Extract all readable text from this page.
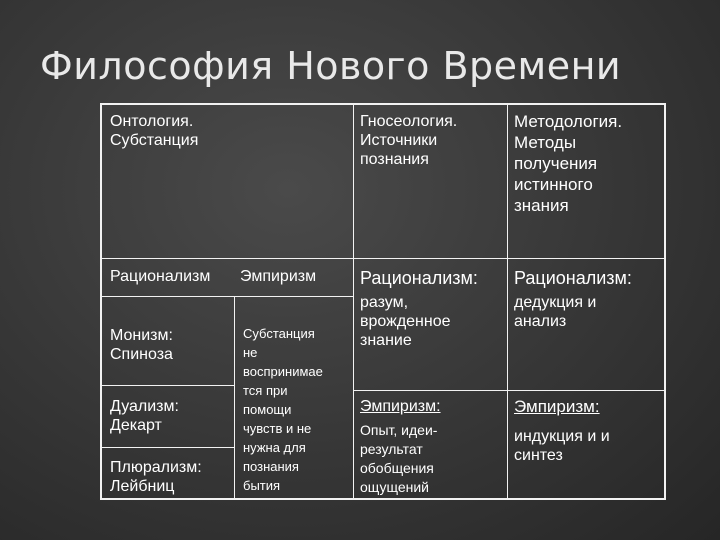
Философия Нового Времени
Онтология.
Субстанция
Гносеология.
Источники
познания
Методология.
Методы
получения
истинного
знания
Рационализм Эмпиризм
Монизм:
Спиноза
Дуализм:
Декарт
Плюрализм:
Лейбниц
Субстанция
не
воспринимае
тся при
помощи
чувств и не
нужна для
познания
бытия
Рационализм:
разум,
врожденное
знание
Эмпиризм:
Опыт, идеи-
результат
обобщения
ощущений
Рационализм:
дедукция и
анализ
Эмпиризм:
индукция и и
синтез
